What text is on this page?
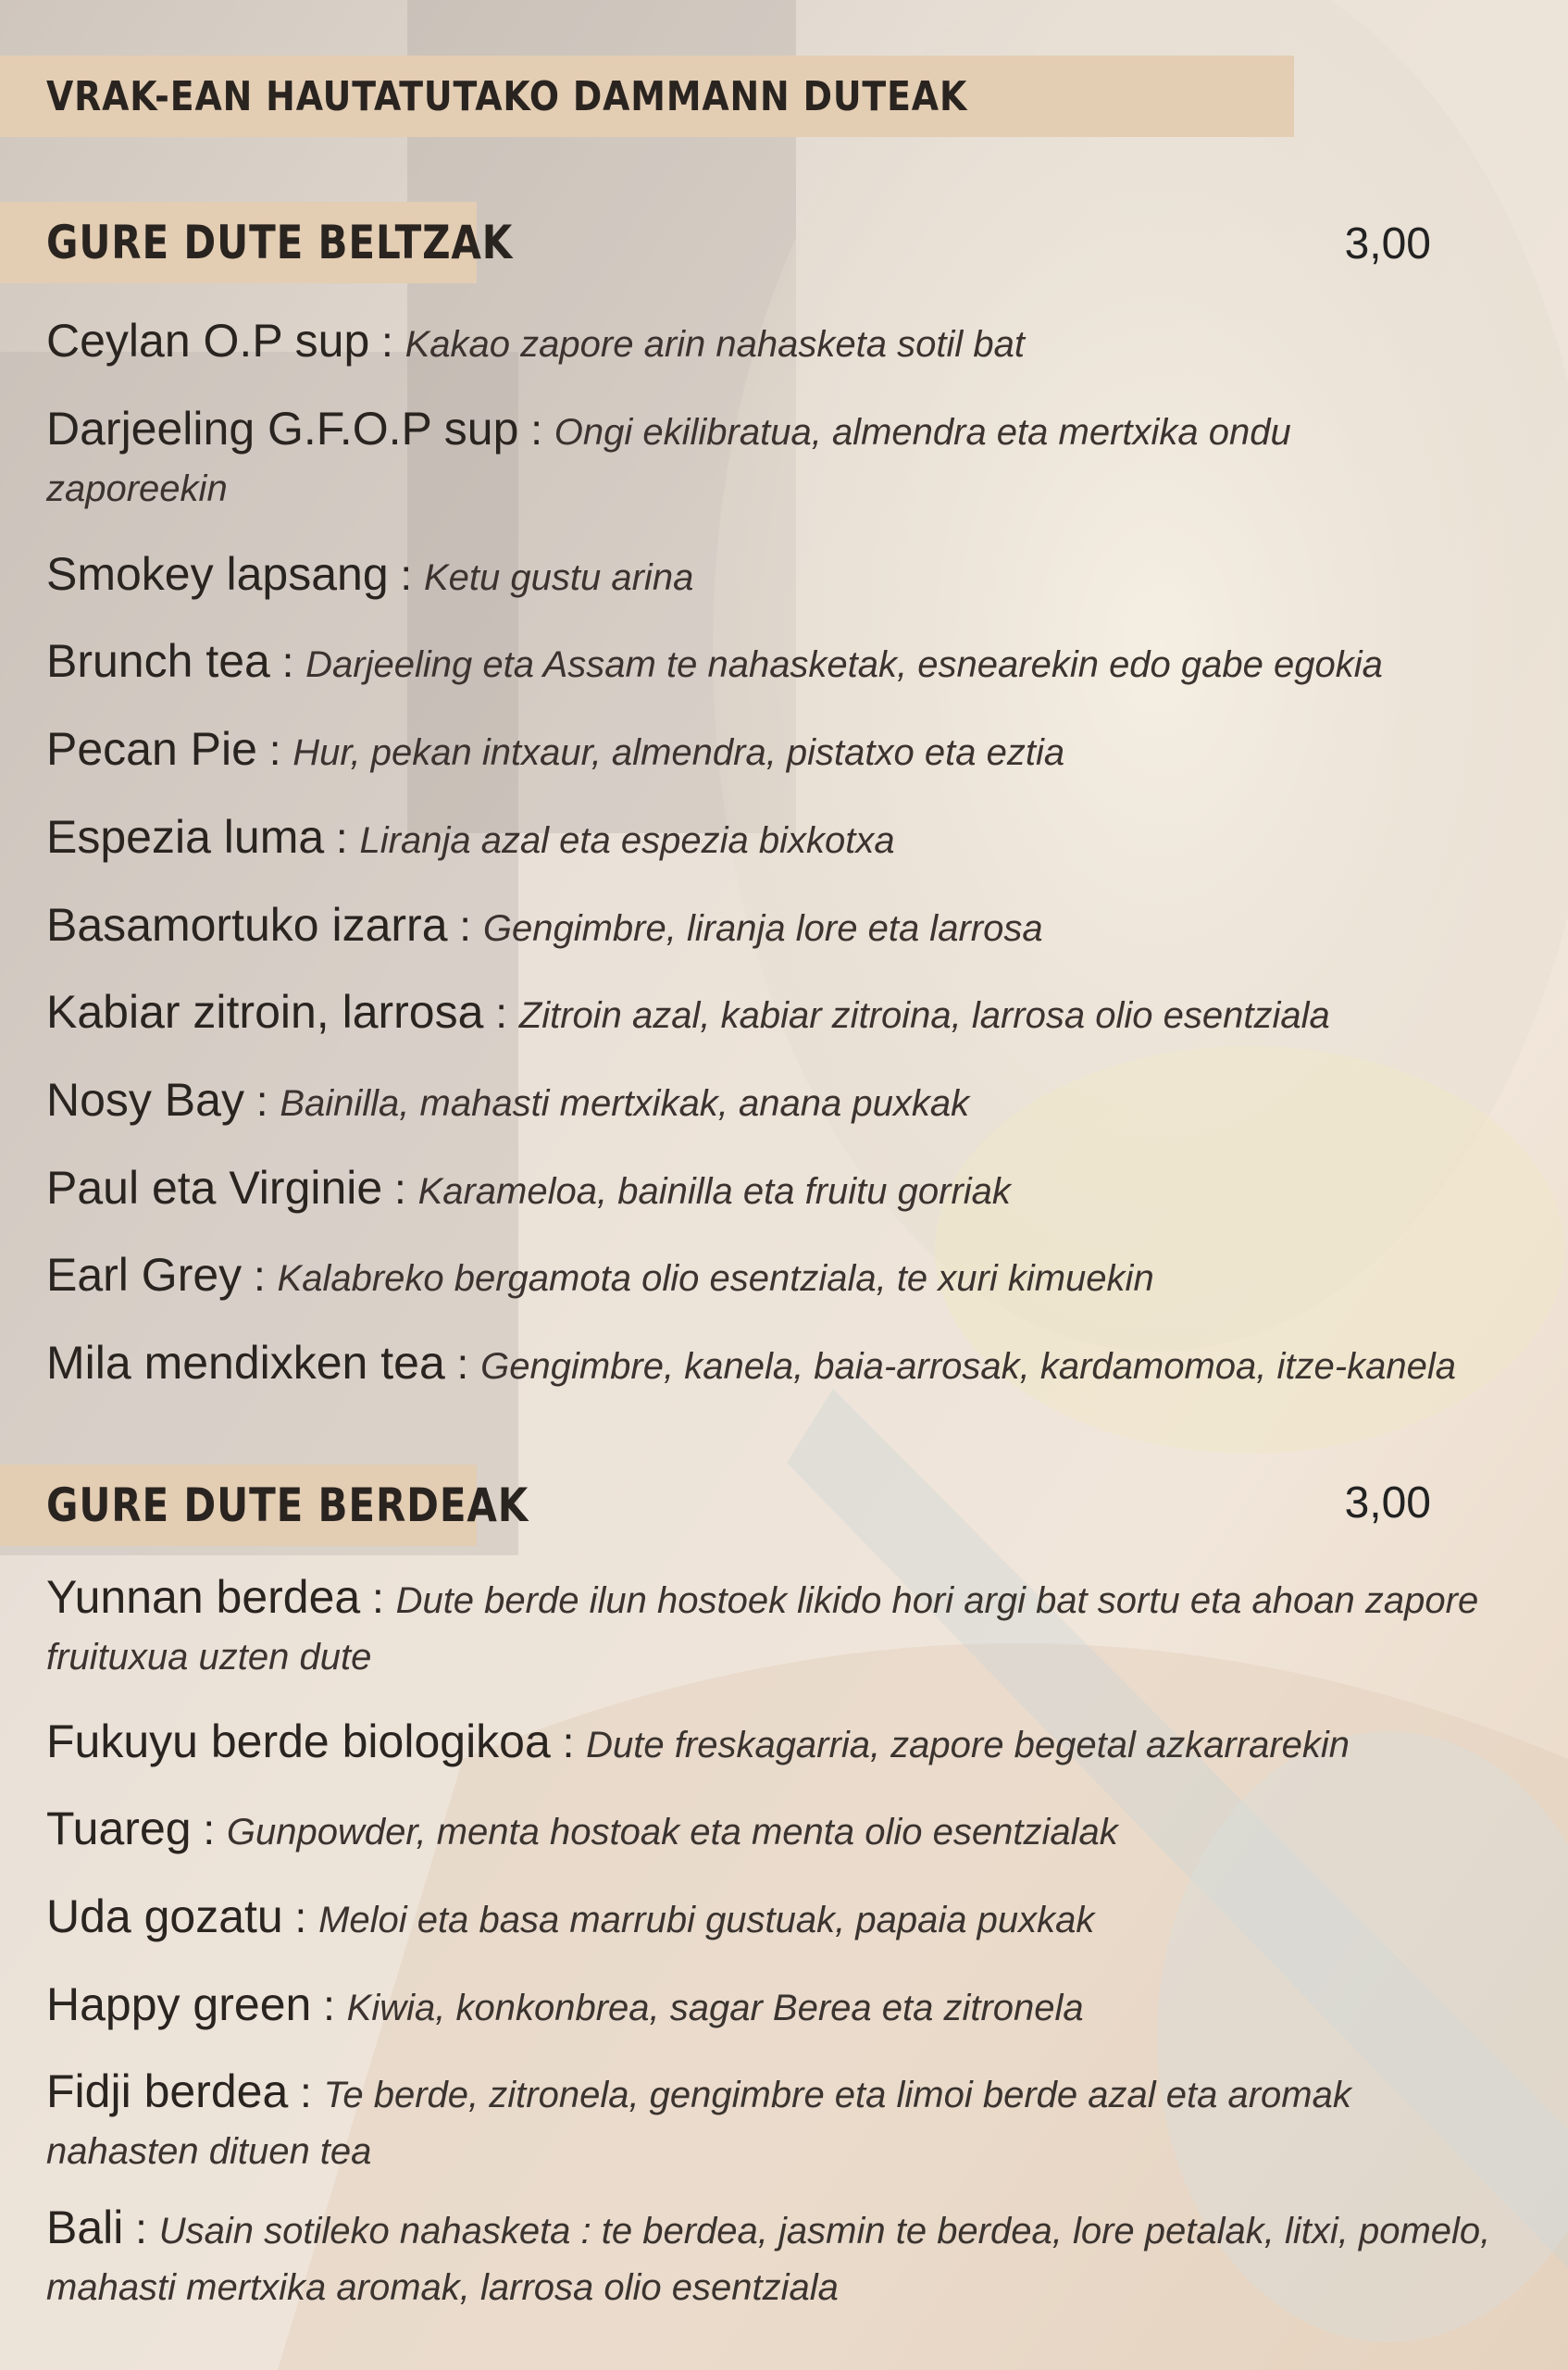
VRAK-EAN HAUTATUTAKO DAMMANN DUTEAK
GURE DUTE BELTZAK	3,00
Ceylan O.P sup : Kakao zapore arin nahasketa sotil bat
Darjeeling G.F.O.P sup : Ongi ekilibratua, almendra eta mertxika ondu zaporeekin
Smokey lapsang : Ketu gustu arina
Brunch tea : Darjeeling eta Assam te nahasketak, esnearekin edo gabe egokia
Pecan Pie : Hur, pekan intxaur, almendra, pistatxo eta eztia
Espezia luma : Liranja azal eta espezia bixkotxa
Basamortuko izarra : Gengimbre, liranja lore eta larrosa
Kabiar zitroin, larrosa : Zitroin azal, kabiar zitroina, larrosa olio esentziala
Nosy Bay : Bainilla, mahasti mertxikak, anana puxkak
Paul eta Virginie : Karameloa, bainilla eta fruitu gorriak
Earl Grey : Kalabreko bergamota olio esentziala, te xuri kimuekin
Mila mendixken tea : Gengimbre, kanela, baia-arrosak, kardamomoa, itze-kanela
GURE DUTE BERDEAK	3,00
Yunnan berdea : Dute berde ilun hostoek likido hori argi bat sortu eta ahoan zapore fruituxua uzten dute
Fukuyu berde biologikoa : Dute freskagarria, zapore begetal azkarrarekin
Tuareg : Gunpowder, menta hostoak eta menta olio esentzialak
Uda gozatu : Meloi eta basa marrubi gustuak, papaia puxkak
Happy green : Kiwia, konkonbrea, sagar Berea eta zitronela
Fidji berdea : Te berde, zitronela, gengimbre eta limoi berde azal eta aromak nahasten dituen tea
Bali : Usain sotileko nahasketa : te berdea, jasmin te berdea, lore petalak, litxi, pomelo, mahasti mertxika aromak, larrosa olio esentziala
